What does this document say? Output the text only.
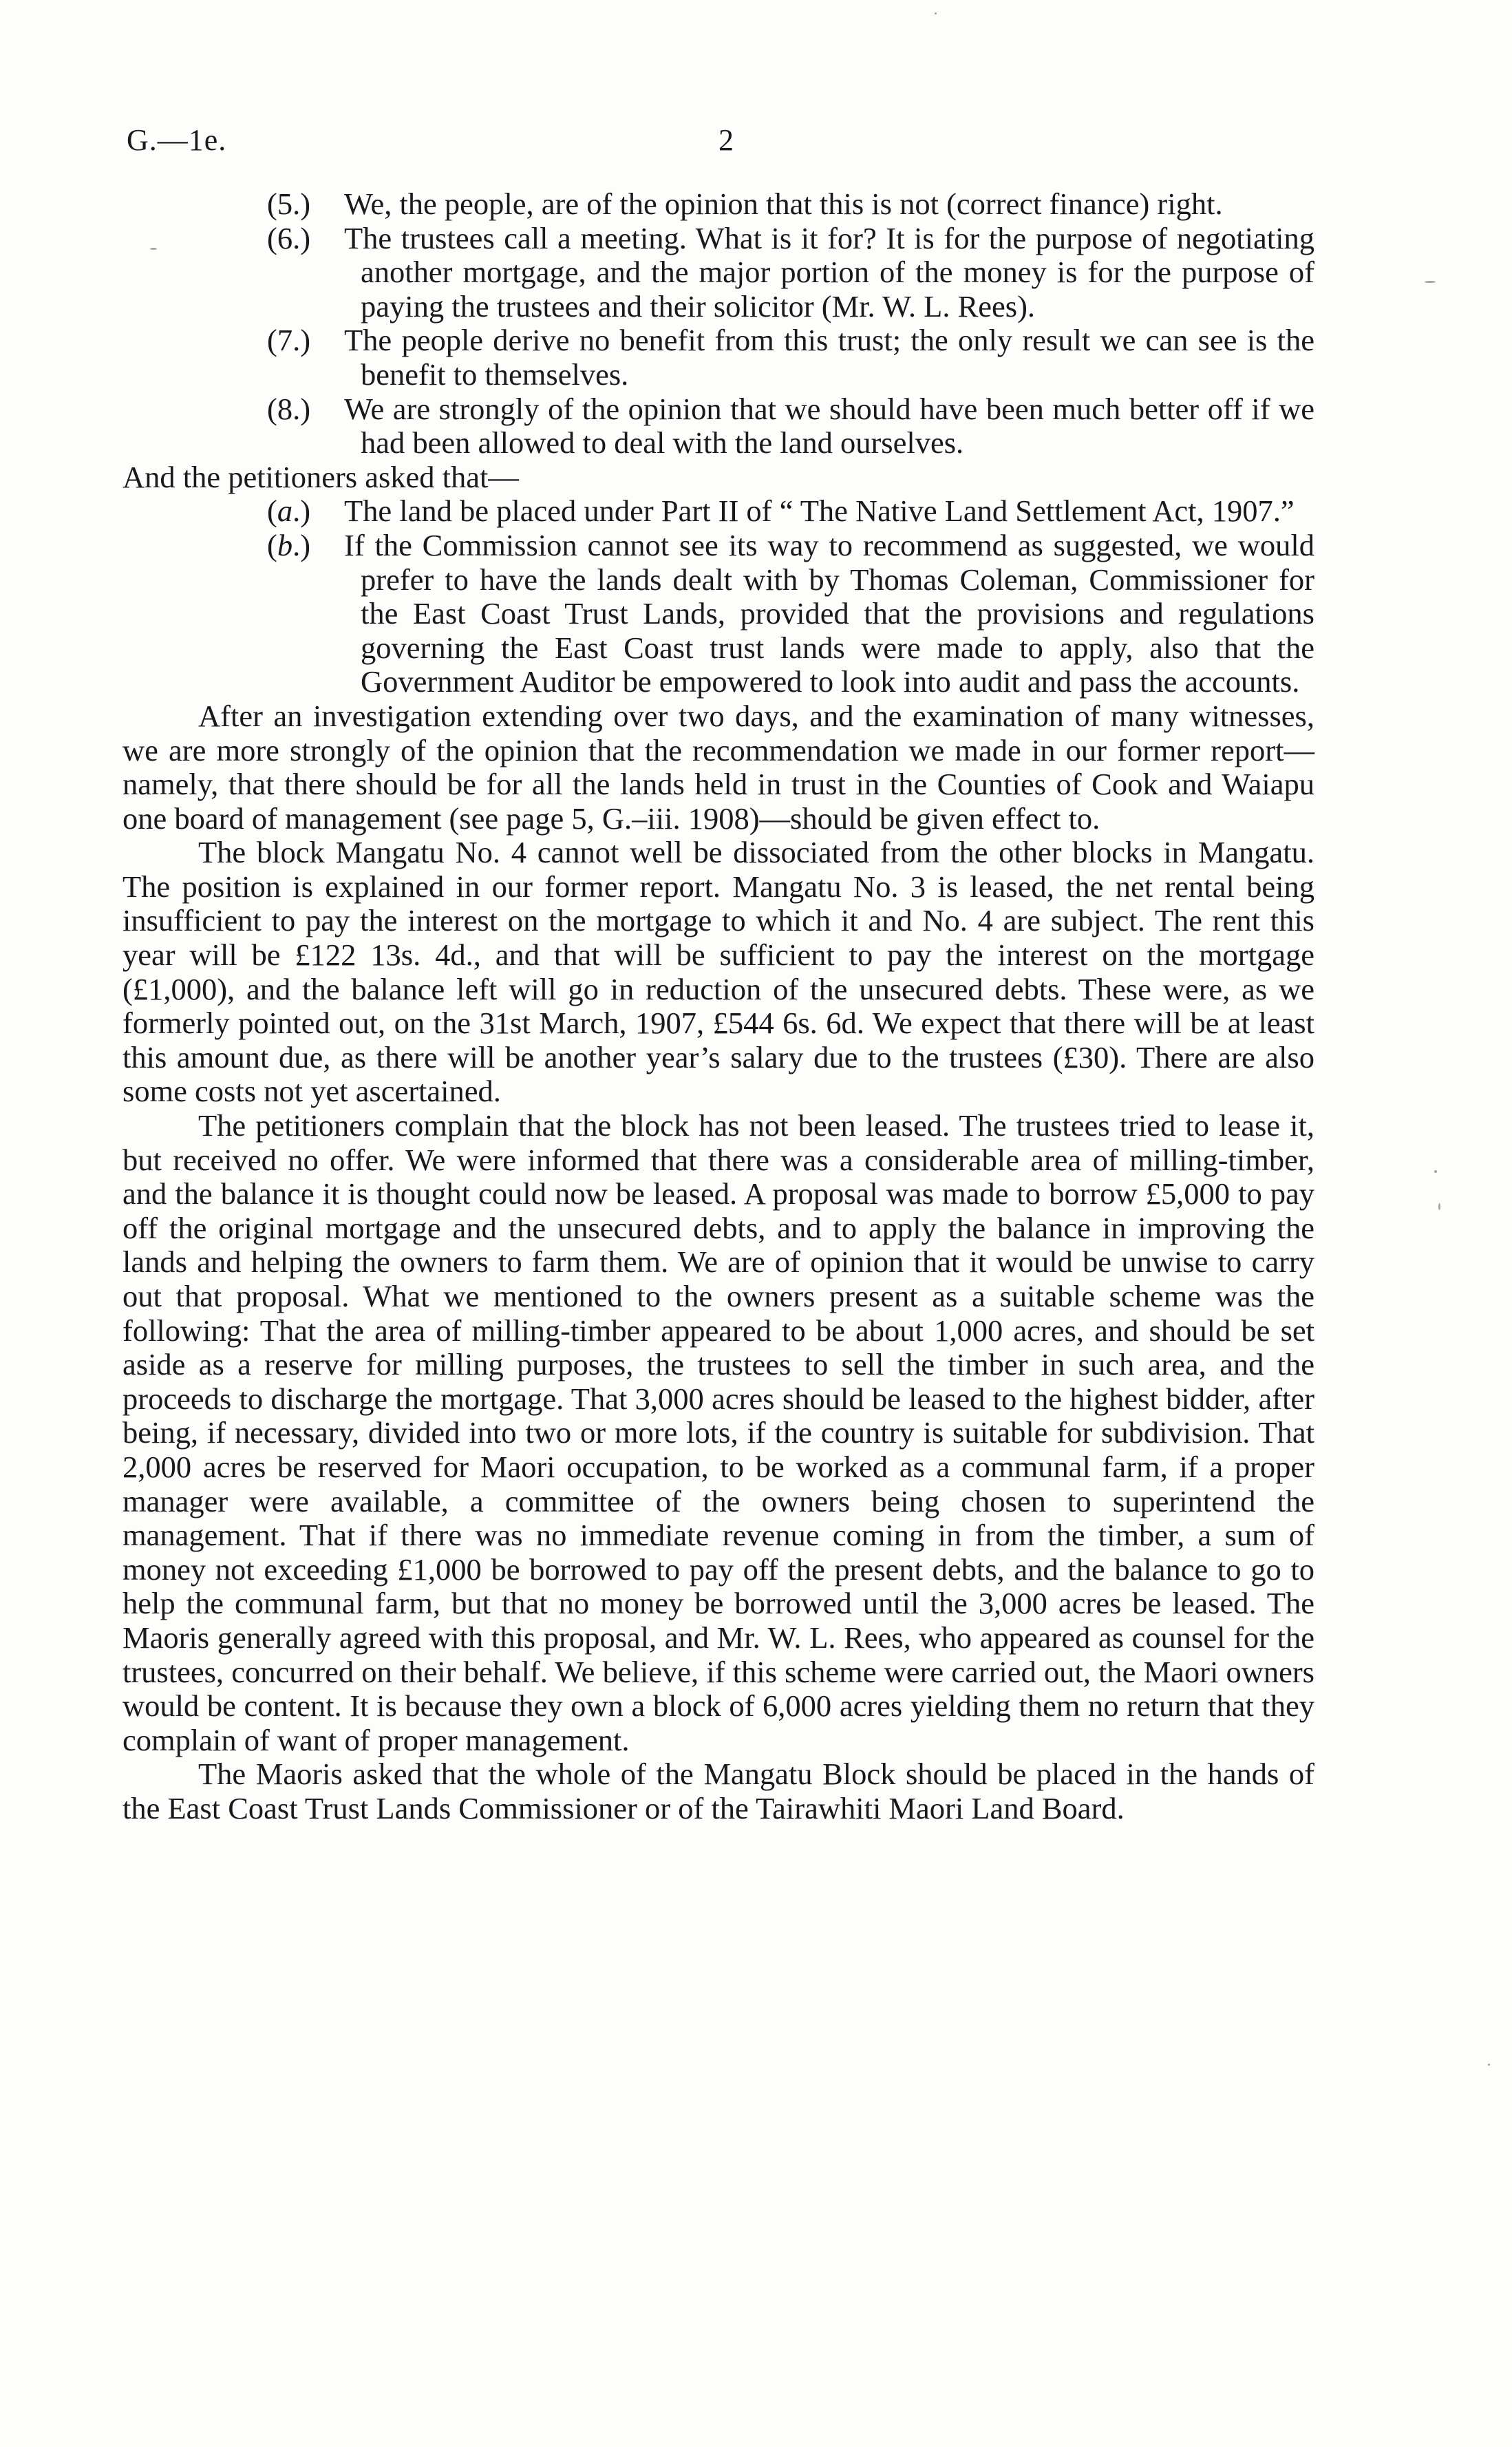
G.—1e.	2
(5.)	We, the people, are of the opinion that this is not (correct finance) right.
(6.)	The trustees call a meeting. What is it for? It is for the purpose of negotiating another mortgage, and the major portion of the money is for the purpose of paying the trustees and their solicitor (Mr. W. L. Rees).
(7.)	The people derive no benefit from this trust; the only result we can see is the benefit to themselves.
(8.)	We are strongly of the opinion that we should have been much better off if we had been allowed to deal with the land ourselves.

And the petitioners asked that—

(a.)	The land be placed under Part II of “ The Native Land Settlement Act, 1907.”
(b.)	If the Commission cannot see its way to recommend as suggested, we would prefer to have the lands dealt with by Thomas Coleman, Commissioner for the East Coast Trust Lands, provided that the provisions and regulations governing the East Coast trust lands were made to apply, also that the Government Auditor be empowered to look into audit and pass the accounts.

After an investigation extending over two days, and the examination of many witnesses, we are more strongly of the opinion that the recommendation we made in our former report—namely, that there should be for all the lands held in trust in the Counties of Cook and Waiapu one board of management (see page 5, G.–iii. 1908)—should be given effect to.

The block Mangatu No. 4 cannot well be dissociated from the other blocks in Mangatu. The position is explained in our former report. Mangatu No. 3 is leased, the net rental being insufficient to pay the interest on the mortgage to which it and No. 4 are subject. The rent this year will be £122 13s. 4d., and that will be sufficient to pay the interest on the mortgage (£1,000), and the balance left will go in reduction of the unsecured debts. These were, as we formerly pointed out, on the 31st March, 1907, £544 6s. 6d. We expect that there will be at least this amount due, as there will be another year’s salary due to the trustees (£30). There are also some costs not yet ascertained.

The petitioners complain that the block has not been leased. The trustees tried to lease it, but received no offer. We were informed that there was a considerable area of milling-timber, and the balance it is thought could now be leased. A proposal was made to borrow £5,000 to pay off the original mortgage and the unsecured debts, and to apply the balance in improving the lands and helping the owners to farm them. We are of opinion that it would be unwise to carry out that proposal. What we mentioned to the owners present as a suitable scheme was the following: That the area of milling-timber appeared to be about 1,000 acres, and should be set aside as a reserve for milling purposes, the trustees to sell the timber in such area, and the proceeds to discharge the mortgage. That 3,000 acres should be leased to the highest bidder, after being, if necessary, divided into two or more lots, if the country is suitable for subdivision. That 2,000 acres be reserved for Maori occupation, to be worked as a communal farm, if a proper manager were available, a committee of the owners being chosen to superintend the management. That if there was no immediate revenue coming in from the timber, a sum of money not exceeding £1,000 be borrowed to pay off the present debts, and the balance to go to help the communal farm, but that no money be borrowed until the 3,000 acres be leased. The Maoris generally agreed with this proposal, and Mr. W. L. Rees, who appeared as counsel for the trustees, concurred on their behalf. We believe, if this scheme were carried out, the Maori owners would be content. It is because they own a block of 6,000 acres yielding them no return that they complain of want of proper management.

The Maoris asked that the whole of the Mangatu Block should be placed in the hands of the East Coast Trust Lands Commissioner or of the Tairawhiti Maori Land Board.
